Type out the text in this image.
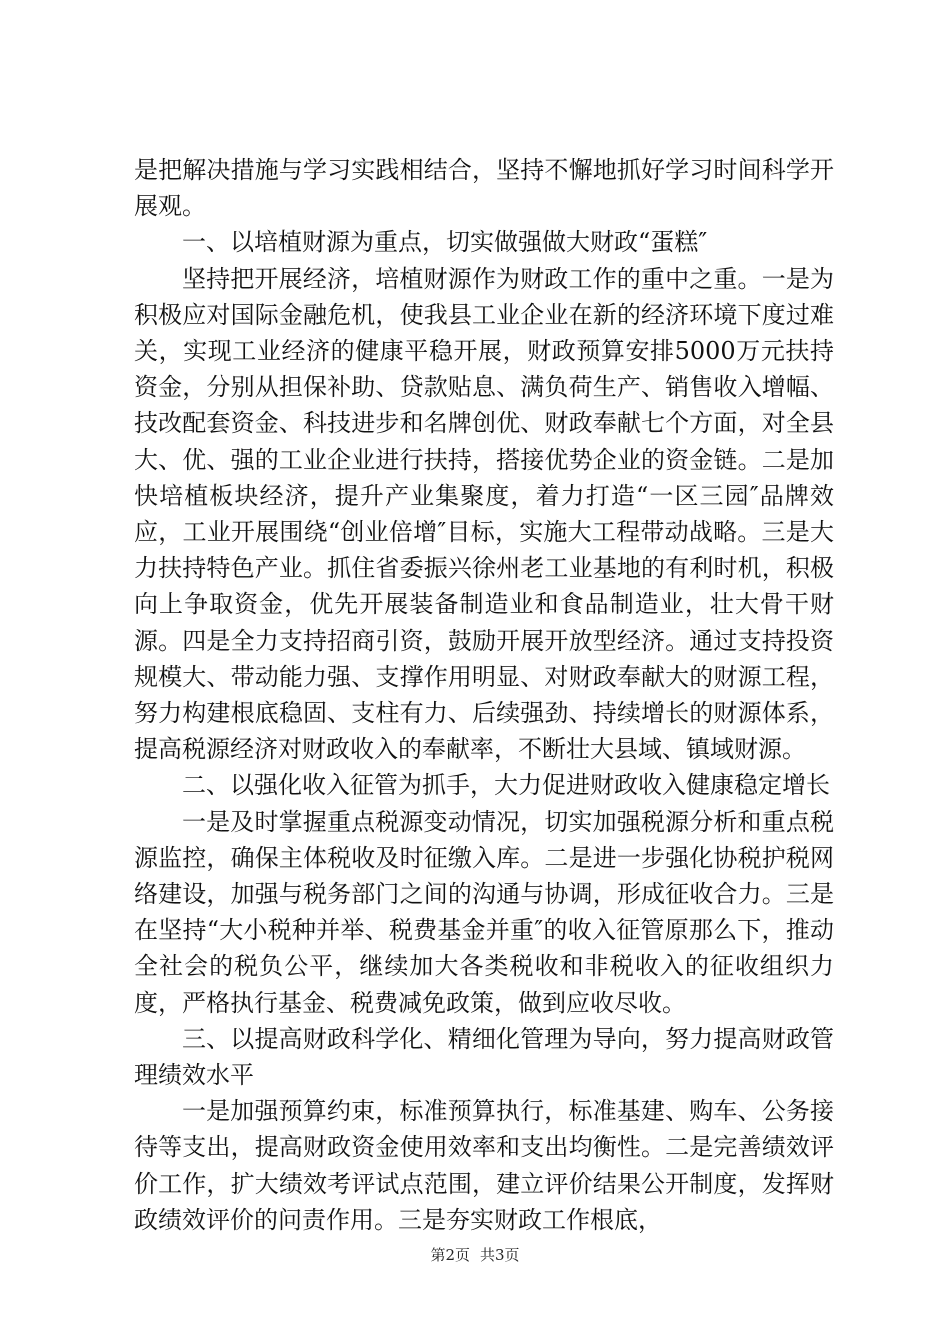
是把解决措施与学习实践相结合，坚持不懈地抓好学习时间科学开展观。

一、以培植财源为重点，切实做强做大财政“蛋糕″

坚持把开展经济，培植财源作为财政工作的重中之重。一是为积极应对国际金融危机，使我县工业企业在新的经济环境下度过难关，实现工业经济的健康平稳开展，财政预算安排5000万元扶持资金，分别从担保补助、贷款贴息、满负荷生产、销售收入增幅、技改配套资金、科技进步和名牌创优、财政奉献七个方面，对全县大、优、强的工业企业进行扶持，搭接优势企业的资金链。二是加快培植板块经济，提升产业集聚度，着力打造“一区三园″品牌效应，工业开展围绕“创业倍增″目标，实施大工程带动战略。三是大力扶持特色产业。抓住省委振兴徐州老工业基地的有利时机，积极向上争取资金，优先开展装备制造业和食品制造业，壮大骨干财源。四是全力支持招商引资，鼓励开展开放型经济。通过支持投资规模大、带动能力强、支撑作用明显、对财政奉献大的财源工程，努力构建根底稳固、支柱有力、后续强劲、持续增长的财源体系，提高税源经济对财政收入的奉献率，不断壮大县域、镇域财源。

二、以强化收入征管为抓手，大力促进财政收入健康稳定增长

一是及时掌握重点税源变动情况，切实加强税源分析和重点税源监控，确保主体税收及时征缴入库。二是进一步强化协税护税网络建设，加强与税务部门之间的沟通与协调，形成征收合力。三是在坚持“大小税种并举、税费基金并重″的收入征管原那么下，推动全社会的税负公平，继续加大各类税收和非税收入的征收组织力度，严格执行基金、税费减免政策，做到应收尽收。

三、以提高财政科学化、精细化管理为导向，努力提高财政管理绩效水平

一是加强预算约束，标准预算执行，标准基建、购车、公务接待等支出，提高财政资金使用效率和支出均衡性。二是完善绩效评价工作，扩大绩效考评试点范围，建立评价结果公开制度，发挥财政绩效评价的问责作用。三是夯实财政工作根底，

第2页 共3页
